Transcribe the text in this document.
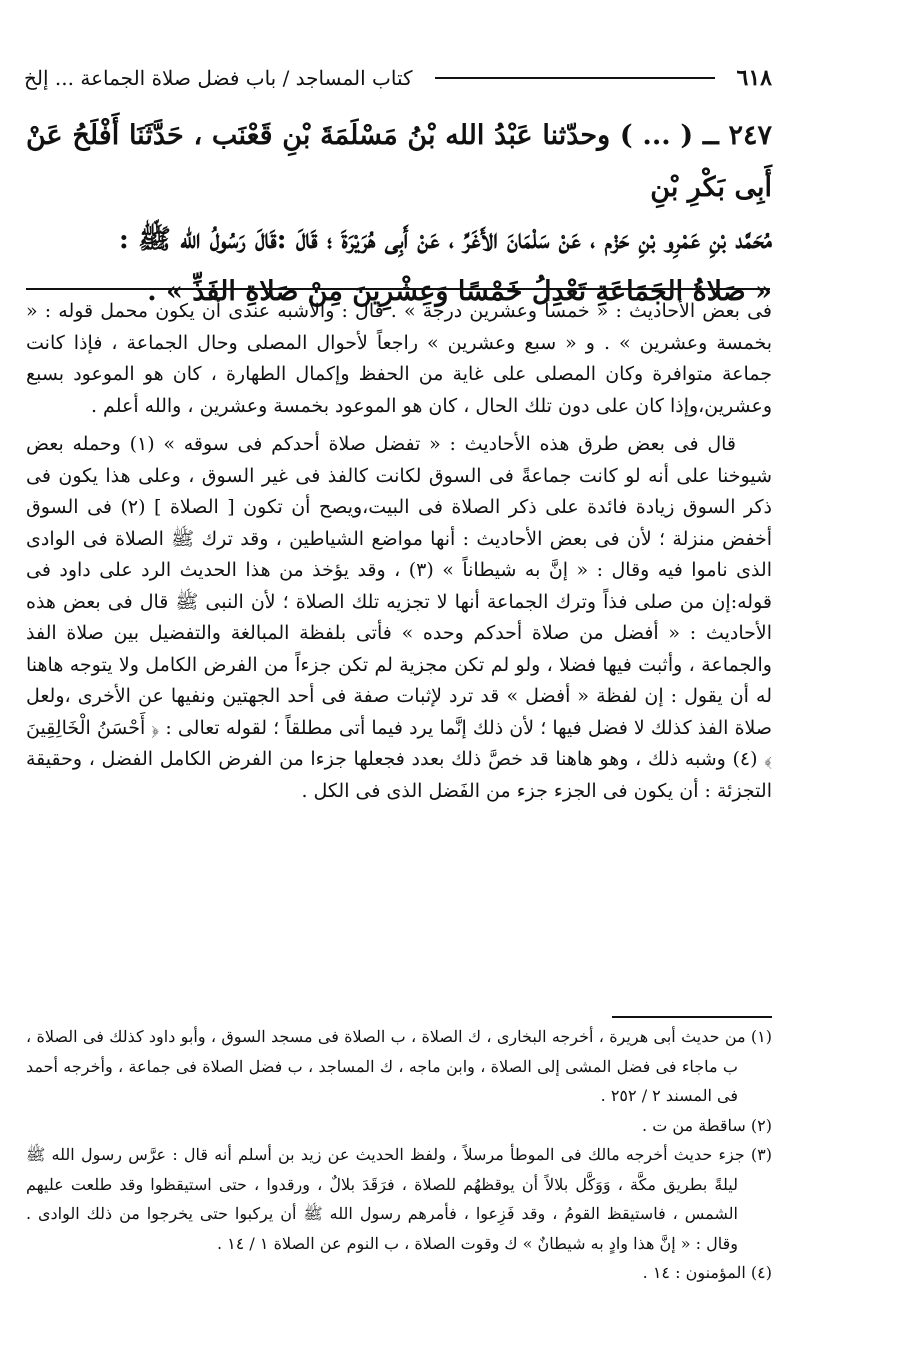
٦١٨
كتاب المساجد / باب فضل صلاة الجماعة ... إلخ

٢٤٧ ــ ( ... ) وحدّثنا عَبْدُ الله بْنُ مَسْلَمَةَ بْنِ قَعْنَب ، حَدَّثَنَا أَفْلَحُ عَنْ أَبِى بَكْرِ بْنِ

مُحَمَّد بْنِ عَمْرِو بْنِ حَزْم ، عَنْ سَلْمَانَ الأَغَرِّ ، عَنْ أَبِى هُرَيْرَةَ ؛ قَالَ :قَالَ رَسُولُ الله ﷺ :

« صَلاةُ الجَمَاعَةِ تَعْدِلُ خَمْسًا وَعِشْرِينَ مِنْ صَلاةِ الفَذِّ » .

فى بعض الأحاديث : « خمساً وعشرين درجة » . قال : والأشبه عندى أن يكون محمل قوله : « بخمسة وعشرين » . و « سبع وعشرين » راجعاً لأحوال المصلى وحال الجماعة ، فإذا كانت جماعة متوافرة وكان المصلى على غاية من الحفظ وإكمال الطهارة ، كان هو الموعود بسبع وعشرين،وإذا كان على دون تلك الحال ، كان هو الموعود بخمسة وعشرين ، والله أعلم .

قال فى بعض طرق هذه الأحاديث : « تفضل صلاة أحدكم فى سوقه » (١) وحمله بعض شيوخنا على أنه لو كانت جماعةً فى السوق لكانت كالفذ فى غير السوق ، وعلى هذا يكون فى ذكر السوق زيادة فائدة على ذكر الصلاة فى البيت،ويصح أن تكون [ الصلاة ] (٢) فى السوق أخفض منزلة ؛ لأن فى بعض الأحاديث : أنها مواضع الشياطين ، وقد ترك ﷺ الصلاة فى الوادى الذى ناموا فيه وقال : « إنَّ به شيطاناً » (٣) ، وقد يؤخذ من هذا الحديث الرد على داود فى قوله:إن من صلى فذاً وترك الجماعة أنها لا تجزيه تلك الصلاة ؛ لأن النبى ﷺ قال فى بعض هذه الأحاديث : « أفضل من صلاة أحدكم وحده » فأتى بلفظة المبالغة والتفضيل بين صلاة الفذ والجماعة ، وأثبت فيها فضلا ، ولو لم تكن مجزية لم تكن جزءاً من الفرض الكامل ولا يتوجه هاهنا له أن يقول : إن لفظة « أفضل » قد ترد لإثبات صفة فى أحد الجهتين ونفيها عن الأخرى ،ولعل صلاة الفذ كذلك لا فضل فيها ؛ لأن ذلك إنَّما يرد فيما أتى مطلقاً ؛ لقوله تعالى : ﴿ أَحْسَنُ الْخَالِقِينَ ﴾ (٤) وشبه ذلك ، وهو هاهنا قد خصَّ ذلك بعدد فجعلها جزءا من الفرض الكامل الفضل ، وحقيقة التجزئة : أن يكون فى الجزء جزء من الفَضل الذى فى الكل .

(١) من حديث أبى هريرة ، أخرجه البخارى ، ك الصلاة ، ب الصلاة فى مسجد السوق ، وأبو داود كذلك فى الصلاة ، ب ماجاء فى فضل المشى إلى الصلاة ، وابن ماجه ، ك المساجد ، ب فضل الصلاة فى جماعة ، وأخرجه أحمد فى المسند ٢ / ٢٥٢ .

(٢) ساقطة من ت .

(٣) جزء حديث أخرجه مالك فى الموطأ مرسلاً ، ولفظ الحديث عن زيد بن أسلم أنه قال : عرَّس رسول الله ﷺ ليلةً بطريق مكَّة ، وَوَكَّل بلالاً أن يوقظهُم للصلاة ، فرَقَدَ بلالٌ ، ورقدوا ، حتى استيقظوا وقد طلعت عليهم الشمس ، فاستيقظ القومُ ، وقد فَزِعوا ، فأمرهم رسول الله ﷺ أن يركبوا حتى يخرجوا من ذلك الوادى . وقال : « إنَّ هذا وادٍ به شيطانٌ » ك وقوت الصلاة ، ب النوم عن الصلاة ١ / ١٤ .

(٤) المؤمنون : ١٤ .
